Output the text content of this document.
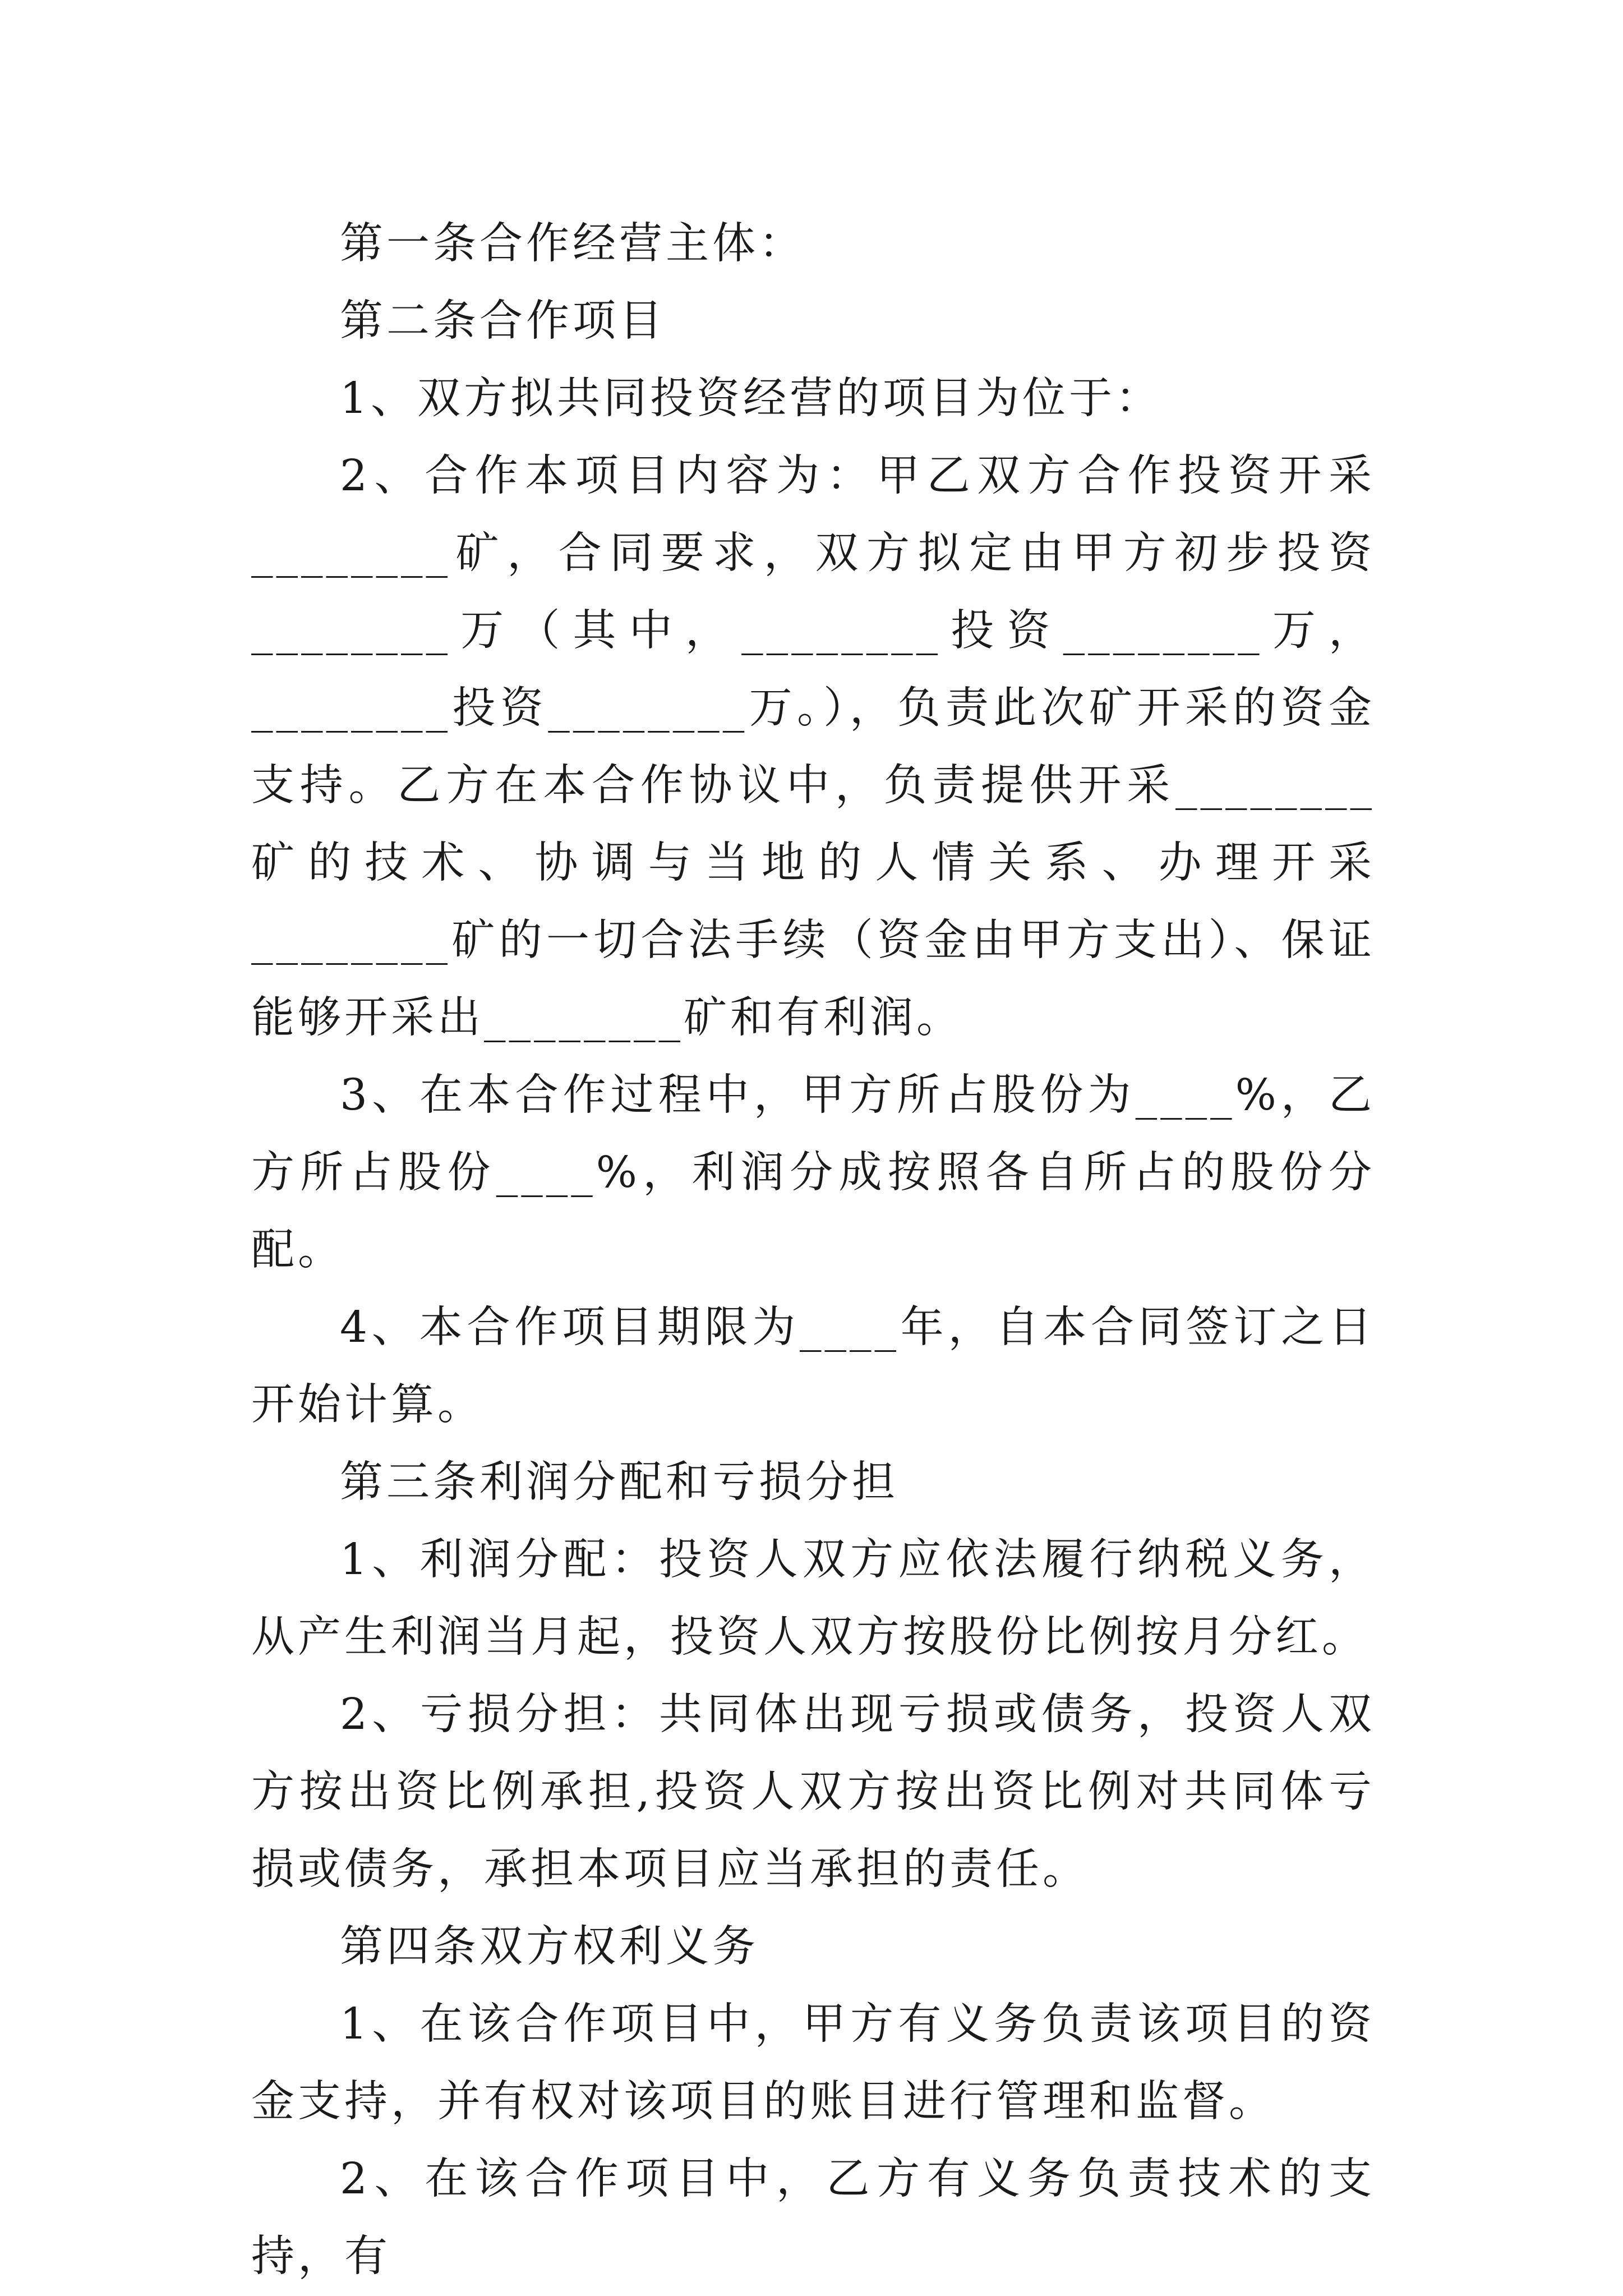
第一条合作经营主体：

第二条合作项目

1、双方拟共同投资经营的项目为位于：

2、合作本项目内容为：甲乙双方合作投资开采________矿，合同要求，双方拟定由甲方初步投资________万（其中，________投资________万，________投资________万。），负责此次矿开采的资金支持。乙方在本合作协议中，负责提供开采________矿的技术、协调与当地的人情关系、办理开采________矿的一切合法手续（资金由甲方支出）、保证能够开采出________矿和有利润。

3、在本合作过程中，甲方所占股份为____%，乙方所占股份____%，利润分成按照各自所占的股份分配。

4、本合作项目期限为____年，自本合同签订之日开始计算。

第三条利润分配和亏损分担

1、利润分配：投资人双方应依法履行纳税义务，从产生利润当月起，投资人双方按股份比例按月分红。

2、亏损分担：共同体出现亏损或债务，投资人双方按出资比例承担,投资人双方按出资比例对共同体亏损或债务，承担本项目应当承担的责任。

第四条双方权利义务

1、在该合作项目中，甲方有义务负责该项目的资金支持，并有权对该项目的账目进行管理和监督。

2、在该合作项目中，乙方有义务负责技术的支持，有
